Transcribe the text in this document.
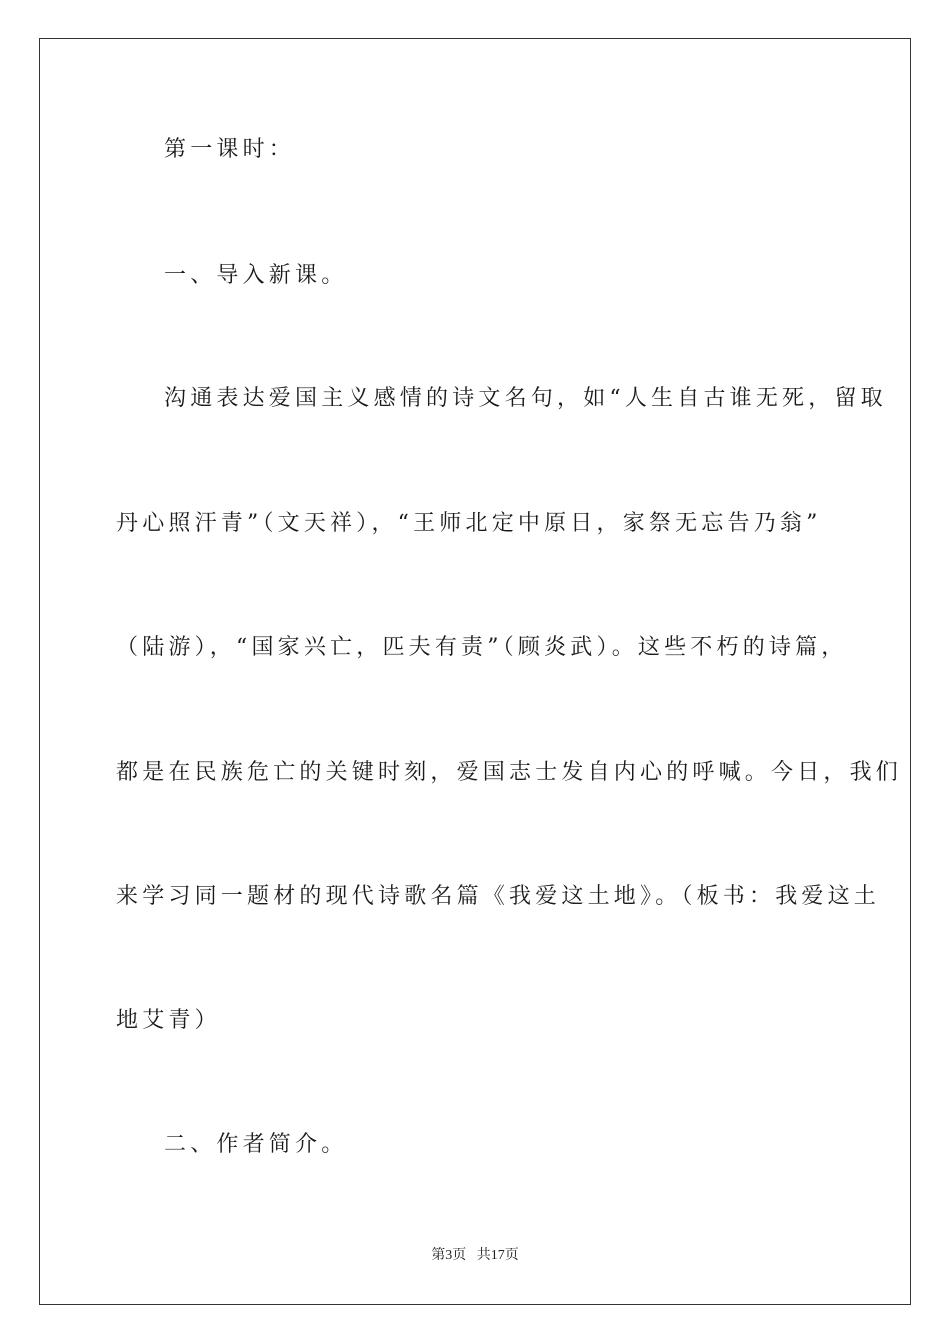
第一课时：
一、导入新课。
沟通表达爱国主义感情的诗文名句，如“人生自古谁无死，留取
丹心照汗青”（文天祥），“王师北定中原日，家祭无忘告乃翁”
（陆游），“国家兴亡，匹夫有责”（顾炎武）。这些不朽的诗篇，
都是在民族危亡的关键时刻，爱国志士发自内心的呼喊。今日，我们
来学习同一题材的现代诗歌名篇《我爱这土地》。（板书：我爱这土
地艾青）
二、作者简介。
第3页 共17页
